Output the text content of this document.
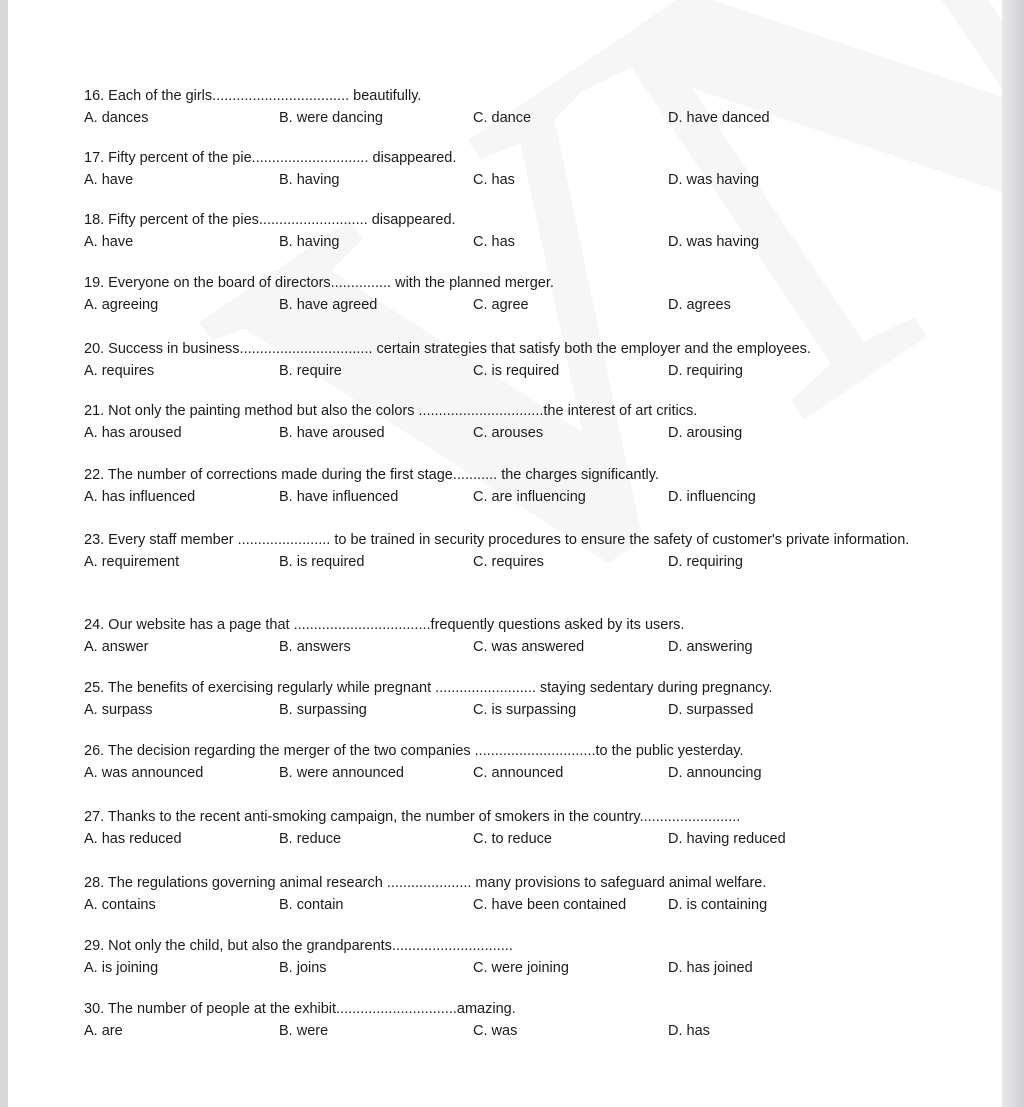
16. Each of the girls.................................. beautifully.
A. dances	B. were dancing	C. dance	D. have danced
17. Fifty percent of the pie............................. disappeared.
A. have	B. having	C. has	D. was having
18. Fifty percent of the pies........................... disappeared.
A. have	B. having	C. has	D. was having
19. Everyone on the board of directors............... with the planned merger.
A. agreeing	B. have agreed	C. agree	D. agrees
20. Success in business................................. certain strategies that satisfy both the employer and the employees.
A. requires	B. require	C. is required	D. requiring
21. Not only the painting method but also the colors ...............................the interest of art critics.
A. has aroused	B. have aroused	C. arouses	D. arousing
22. The number of corrections made during the first stage........... the charges significantly.
A. has influenced	B. have influenced	C. are influencing	D. influencing
23. Every staff member ....................... to be trained in security procedures to ensure the safety of customer's private information.
A. requirement	B. is required	C. requires	D. requiring
24. Our website has a page that ..................................frequently questions asked by its users.
A. answer	B. answers	C. was answered	D. answering
25. The benefits of exercising regularly while pregnant ......................... staying sedentary during pregnancy.
A. surpass	B. surpassing	C. is surpassing	D. surpassed
26. The decision regarding the merger of the two companies ..............................to the public yesterday.
A. was announced	B. were announced	C. announced	D. announcing
27. Thanks to the recent anti-smoking campaign, the number of smokers in the country.........................
A. has reduced	B. reduce	C. to reduce	D. having reduced
28. The regulations governing animal research ..................... many provisions to safeguard animal welfare.
A. contains	B. contain	C. have been contained	D. is containing
29. Not only the child, but also the grandparents..............................
A. is joining	B. joins	C. were joining	D. has joined
30. The number of people at the exhibit..............................amazing.
A. are	B. were	C. was	D. has
